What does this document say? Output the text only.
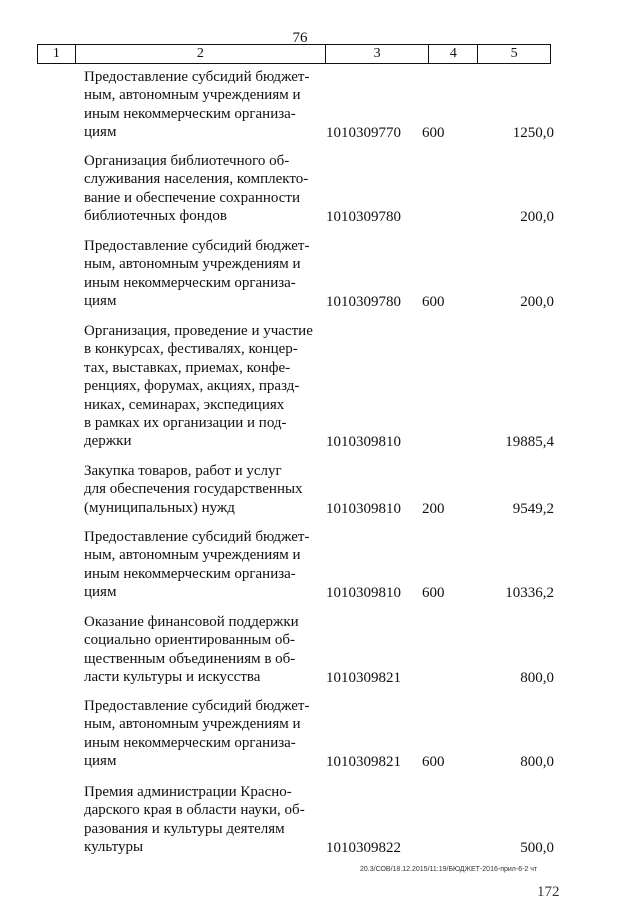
76
1	2	3	4	5
Предоставление субсидий бюджет-
ным, автономным учреждениям и
иным некоммерческим организа-
циям	1010309770 600	1250,0
Организация библиотечного об-
служивания населения, комплекто-
вание и обеспечение сохранности
библиотечных фондов	1010309780	200,0
Предоставление субсидий бюджет-
ным, автономным учреждениям и
иным некоммерческим организа-
циям	1010309780 600	200,0
Организация, проведение и участие
в конкурсах, фестивалях, концер-
тах, выставках, приемах, конфе-
ренциях, форумах, акциях, празд-
никах, семинарах, экспедициях
в рамках их организации и под-
держки	1010309810	19885,4
Закупка товаров, работ и услуг
для обеспечения государственных
(муниципальных) нужд	1010309810 200	9549,2
Предоставление субсидий бюджет-
ным, автономным учреждениям и
иным некоммерческим организа-
циям	1010309810 600	10336,2
Оказание финансовой поддержки
социально ориентированным об-
щественным объединениям в об-
ласти культуры и искусства	1010309821	800,0
Предоставление субсидий бюджет-
ным, автономным учреждениям и
иным некоммерческим организа-
циям	1010309821 600	800,0
Премия администрации Красно-
дарского края в области науки, об-
разования и культуры деятелям
культуры	1010309822	500,0
20.3/СОВ/18.12.2015/11:19/БЮДЖЕТ-2016-прил-6-2 чт
172
